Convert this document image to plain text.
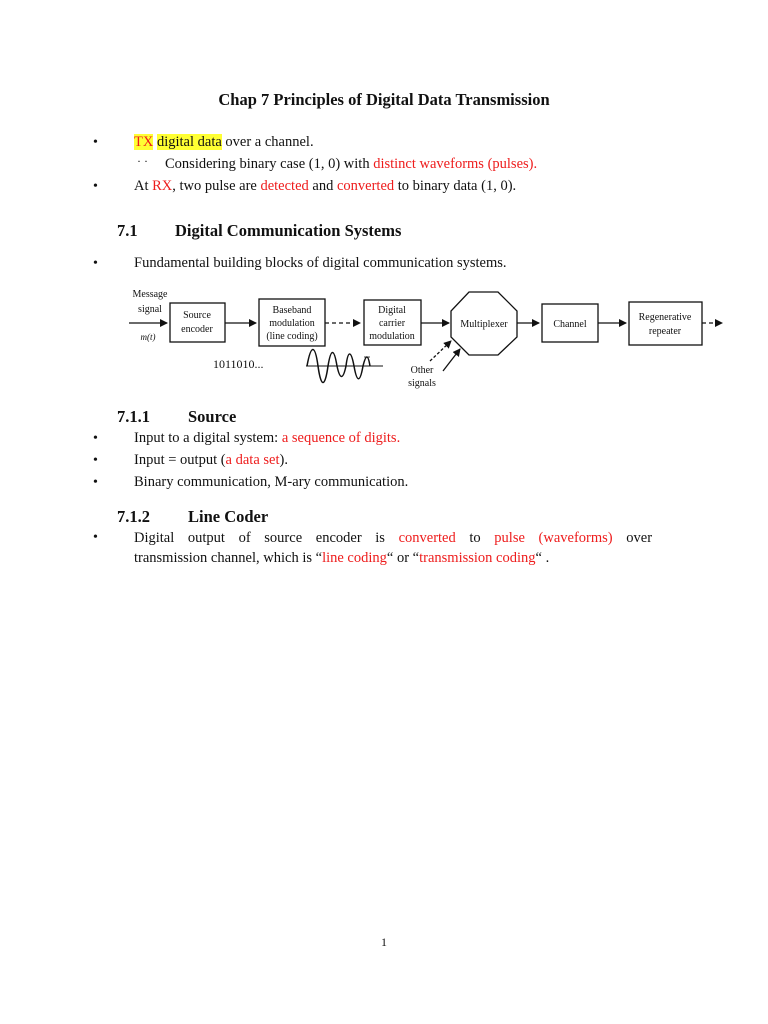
Chap 7 Principles of Digital Data Transmission
• TX digital data over a channel.
· · Considering binary case (1, 0) with distinct waveforms (pulses).
• At RX, two pulse are detected and converted to binary data (1, 0).
7.1 Digital Communication Systems
• Fundamental building blocks of digital communication systems.
Message
signal
m(t)
Source
encoder
Baseband
modulation
(line coding)
Digital
carrier
modulation
Multiplexer	Channel
Regenerative
repeater
Other
signals
1011010...
7.1.1 Source
• Input to a digital system: a sequence of digits.
• Input = output (a data set).
• Binary communication, M-ary communication.
7.1.2 Line Coder
• Digital output of source encoder is converted to pulse (waveforms) over
transmission channel, which is “line coding“ or “transmission coding“ .
1
